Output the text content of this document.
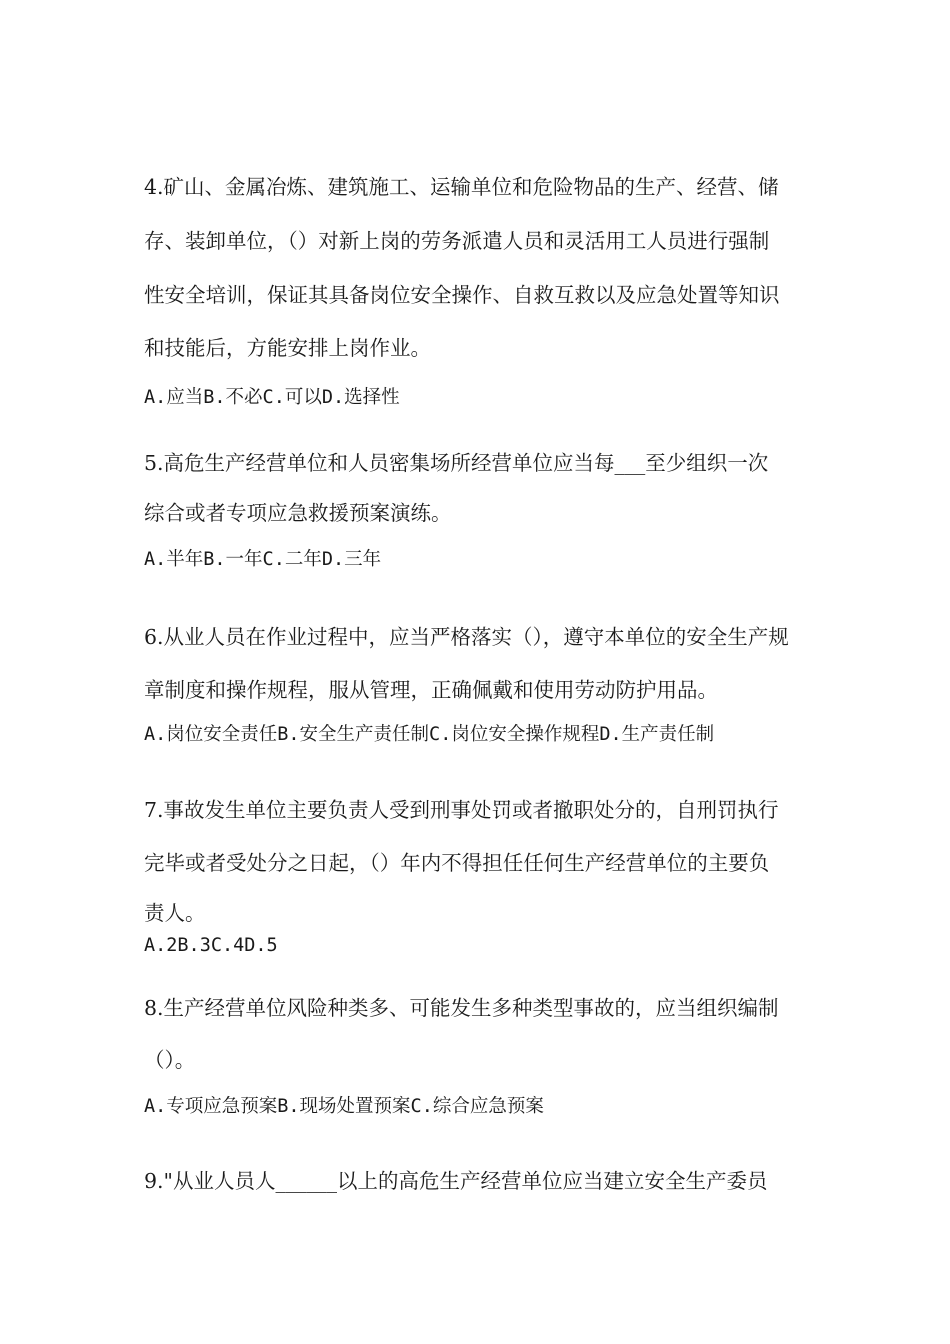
4.矿山、金属冶炼、建筑施工、运输单位和危险物品的生产、经营、储
存、装卸单位，（）对新上岗的劳务派遣人员和灵活用工人员进行强制
性安全培训，保证其具备岗位安全操作、自救互救以及应急处置等知识
和技能后，方能安排上岗作业。
A.应当B.不必C.可以D.选择性
5.高危生产经营单位和人员密集场所经营单位应当每___至少组织一次
综合或者专项应急救援预案演练。
A.半年B.一年C.二年D.三年
6.从业人员在作业过程中，应当严格落实（），遵守本单位的安全生产规
章制度和操作规程，服从管理，正确佩戴和使用劳动防护用品。
A.岗位安全责任B.安全生产责任制C.岗位安全操作规程D.生产责任制
7.事故发生单位主要负责人受到刑事处罚或者撤职处分的，自刑罚执行
完毕或者受处分之日起，（）年内不得担任任何生产经营单位的主要负
责人。
A.2B.3C.4D.5
8.生产经营单位风险种类多、可能发生多种类型事故的，应当组织编制
（）。
A.专项应急预案B.现场处置预案C.综合应急预案
9."从业人员人______以上的高危生产经营单位应当建立安全生产委员
